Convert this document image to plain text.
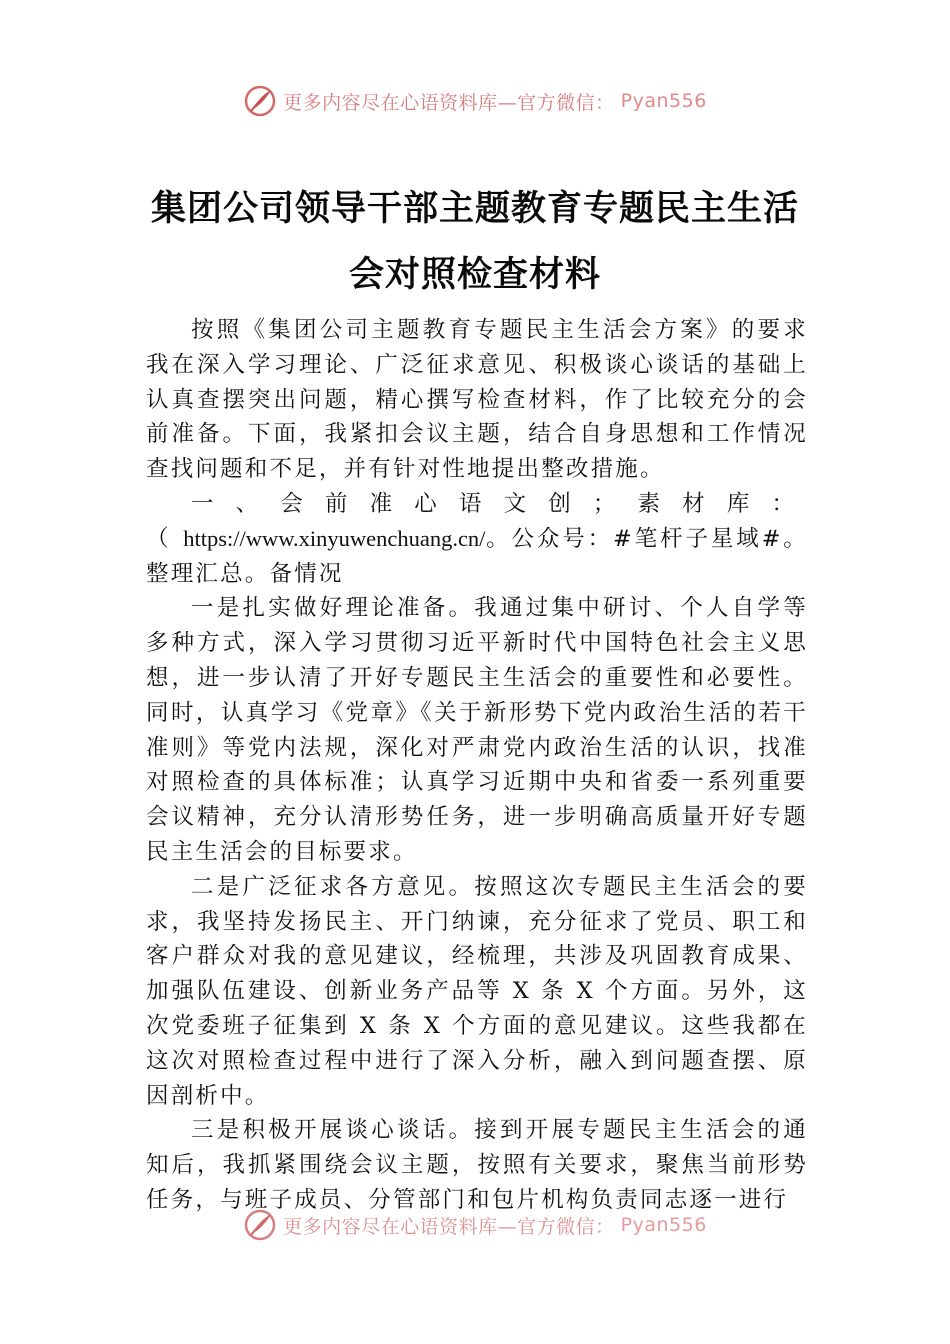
更多内容尽在心语资料库—官方微信： Pyan556
集团公司领导干部主题教育专题民主生活
会对照检查材料

按照《集团公司主题教育专题民主生活会方案》的要求我在深入学习理论、广泛征求意见、积极谈心谈话的基础上认真查摆突出问题，精心撰写检查材料，作了比较充分的会前准备。下面，我紧扣会议主题，结合自身思想和工作情况查找问题和不足，并有针对性地提出整改措施。

一、会前准心语文创；素材库：（https://www.xinyuwenchuang.cn/。公众号：#笔杆子星域#。整理汇总。备情况

一是扎实做好理论准备。我通过集中研讨、个人自学等多种方式，深入学习贯彻习近平新时代中国特色社会主义思想，进一步认清了开好专题民主生活会的重要性和必要性。同时，认真学习《党章》《关于新形势下党内政治生活的若干准则》等党内法规，深化对严肃党内政治生活的认识，找准对照检查的具体标准；认真学习近期中央和省委一系列重要会议精神，充分认清形势任务，进一步明确高质量开好专题民主生活会的目标要求。

二是广泛征求各方意见。按照这次专题民主生活会的要求，我坚持发扬民主、开门纳谏，充分征求了党员、职工和客户群众对我的意见建议，经梳理，共涉及巩固教育成果、加强队伍建设、创新业务产品等 X 条 X 个方面。另外，这次党委班子征集到 X 条 X 个方面的意见建议。这些我都在这次对照检查过程中进行了深入分析，融入到问题查摆、原因剖析中。

三是积极开展谈心谈话。接到开展专题民主生活会的通知后，我抓紧围绕会议主题，按照有关要求，聚焦当前形势任务，与班子成员、分管部门和包片机构负责同志逐一进行

更多内容尽在心语资料库—官方微信： Pyan556
